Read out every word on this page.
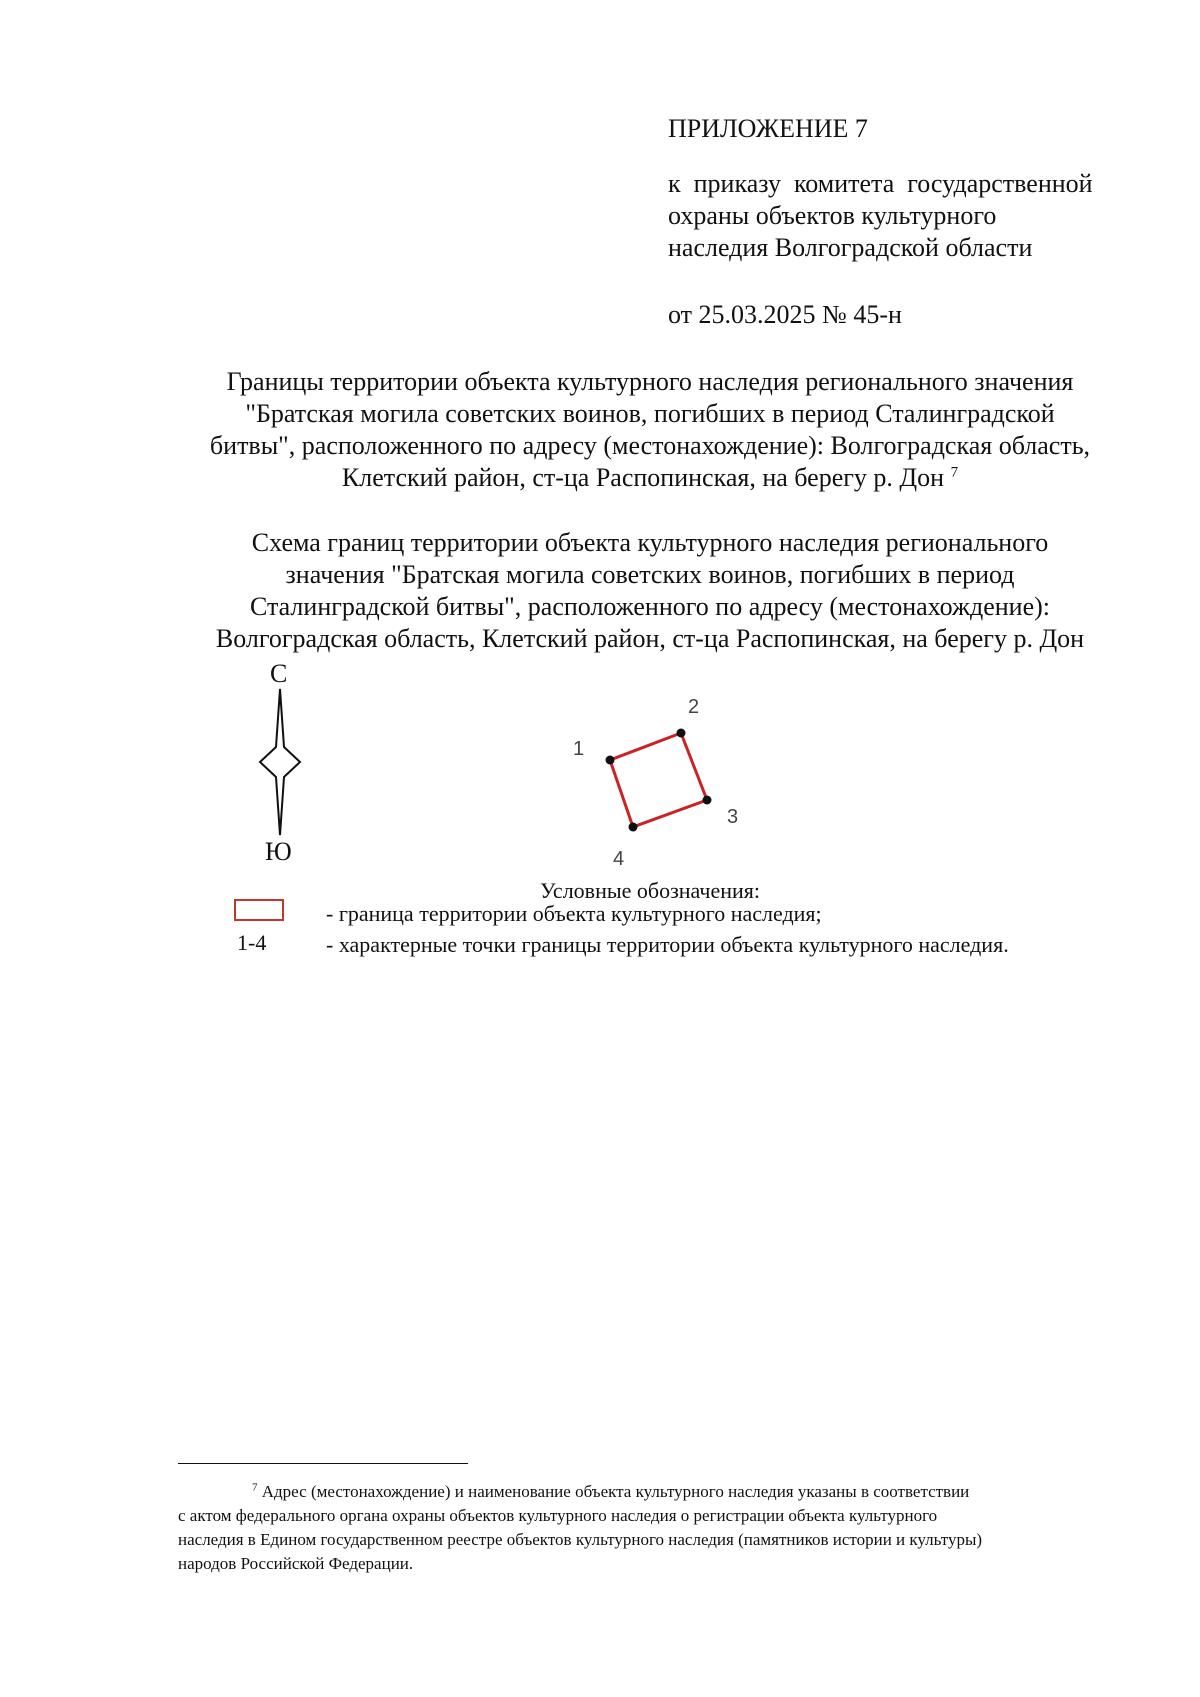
ПРИЛОЖЕНИЕ 7
к  приказу  комитета  государственной
охраны объектов культурного
наследия Волгоградской области
от 25.03.2025 № 45-н
Границы территории объекта культурного наследия регионального значения
"Братская могила советских воинов, погибших в период Сталинградской
битвы", расположенного по адресу (местонахождение): Волгоградская область,
Клетский район, ст-ца Распопинская, на берегу р. Дон $^7$
Схема границ территории объекта культурного наследия регионального
значения "Братская могила советских воинов, погибших в период
Сталинградской битвы", расположенного по адресу (местонахождение):
Волгоградская область, Клетский район, ст-ца Распопинская, на берегу р. Дон
С
Ю
1
2
3
4
Условные обозначения:
- граница территории объекта культурного наследия;
1-4	- характерные точки границы территории объекта культурного наследия.
$^7$ Адрес (местонахождение) и наименование объекта культурного наследия указаны в соответствии
с актом федерального органа охраны объектов культурного наследия о регистрации объекта культурного
наследия в Едином государственном реестре объектов культурного наследия (памятников истории и культуры)
народов Российской Федерации.
